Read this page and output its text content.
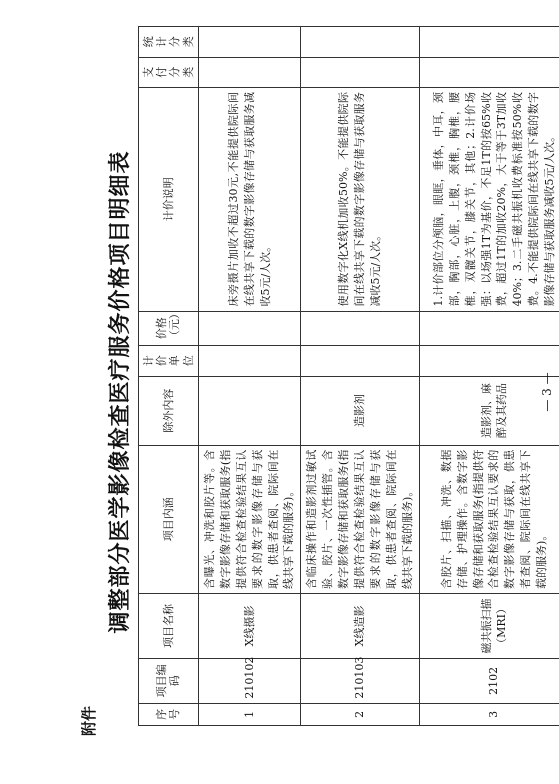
附件
调整部分医学影像检查医疗服务价格项目明细表
序号	项目编码	项目名称	项目内涵	除外内容	计价单位	价格（元）	计价说明	支付分类	统计分类
1	210102	X线摄影	含曝光、冲洗和胶片等。含数字影像存储和获取服务(指提供符合检查检验结果互认要求的数字影像存储与获取，供患者查阅、院际间在线共享下载的服务)。				床旁摄片加收不超过30元,不能提供院际间在线共享下载的数字影像存储与获取服务减收5元/人次。		
2	210103	X线造影	含临床操作和造影剂过敏试验、胶片、一次性插管。含数字影像存储和获取服务(指提供符合检查检验结果互认要求的数字影像存储与获取，供患者查阅、院际间在线共享下载的服务)。	造影剂			使用数字化X线机加收50%。不能提供院际间在线共享下载的数字影像存储与获取服务减收5元/人次。		
3	2102	磁共振扫描（MRI）	含胶片、扫描、冲洗、数据存储、护理操作。含数字影像存储和获取服务(指提供符合检查检验结果互认要求的数字影像存储与获取，供患者查阅、院际间在线共享下载的服务)。	造影剂、麻醉及其药品			1.计价部位分颅脑，眼眶，垂体，中耳，颈部，胸部，心脏，上腹，颈椎，胸椎，腰椎，双髋关节，膝关节，其他；2.计价场强：以场强1T为基价，不足1T的按65%收费，超过1T的加收20%，大于等于3T加收40%；3.二手磁共振机收费标准按50%收费。4.不能提供院际间在线共享下载的数字影像存储与获取服务减收5元/人次。		
— 3 —
